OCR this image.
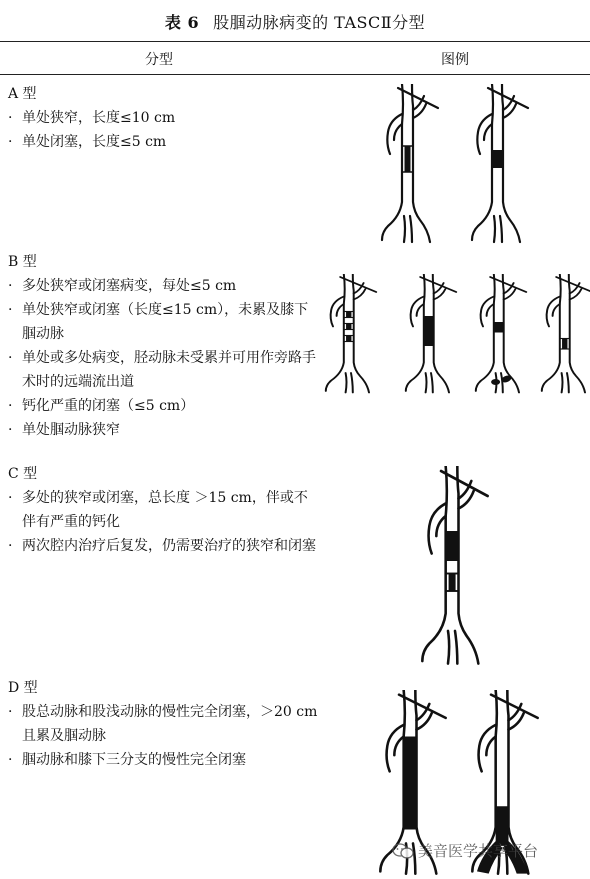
表 6 股腘动脉病变的 TASCⅡ分型
分型	图例
A 型
· 单处狭窄，长度≤10 cm
· 单处闭塞，长度≤5 cm
B 型
· 多处狭窄或闭塞病变，每处≤5 cm
· 单处狭窄或闭塞（长度≤15 cm），未累及膝下腘动脉
· 单处或多处病变，胫动脉未受累并可用作旁路手术时的远端流出道
· 钙化严重的闭塞（≤5 cm）
· 单处腘动脉狭窄
C 型
· 多处的狭窄或闭塞，总长度 ＞15 cm，伴或不伴有严重的钙化
· 两次腔内治疗后复发，仍需要治疗的狭窄和闭塞
D 型
· 股总动脉和股浅动脉的慢性完全闭塞，＞20 cm 且累及腘动脉
· 腘动脉和膝下三分支的慢性完全闭塞
美音医学共享平台
